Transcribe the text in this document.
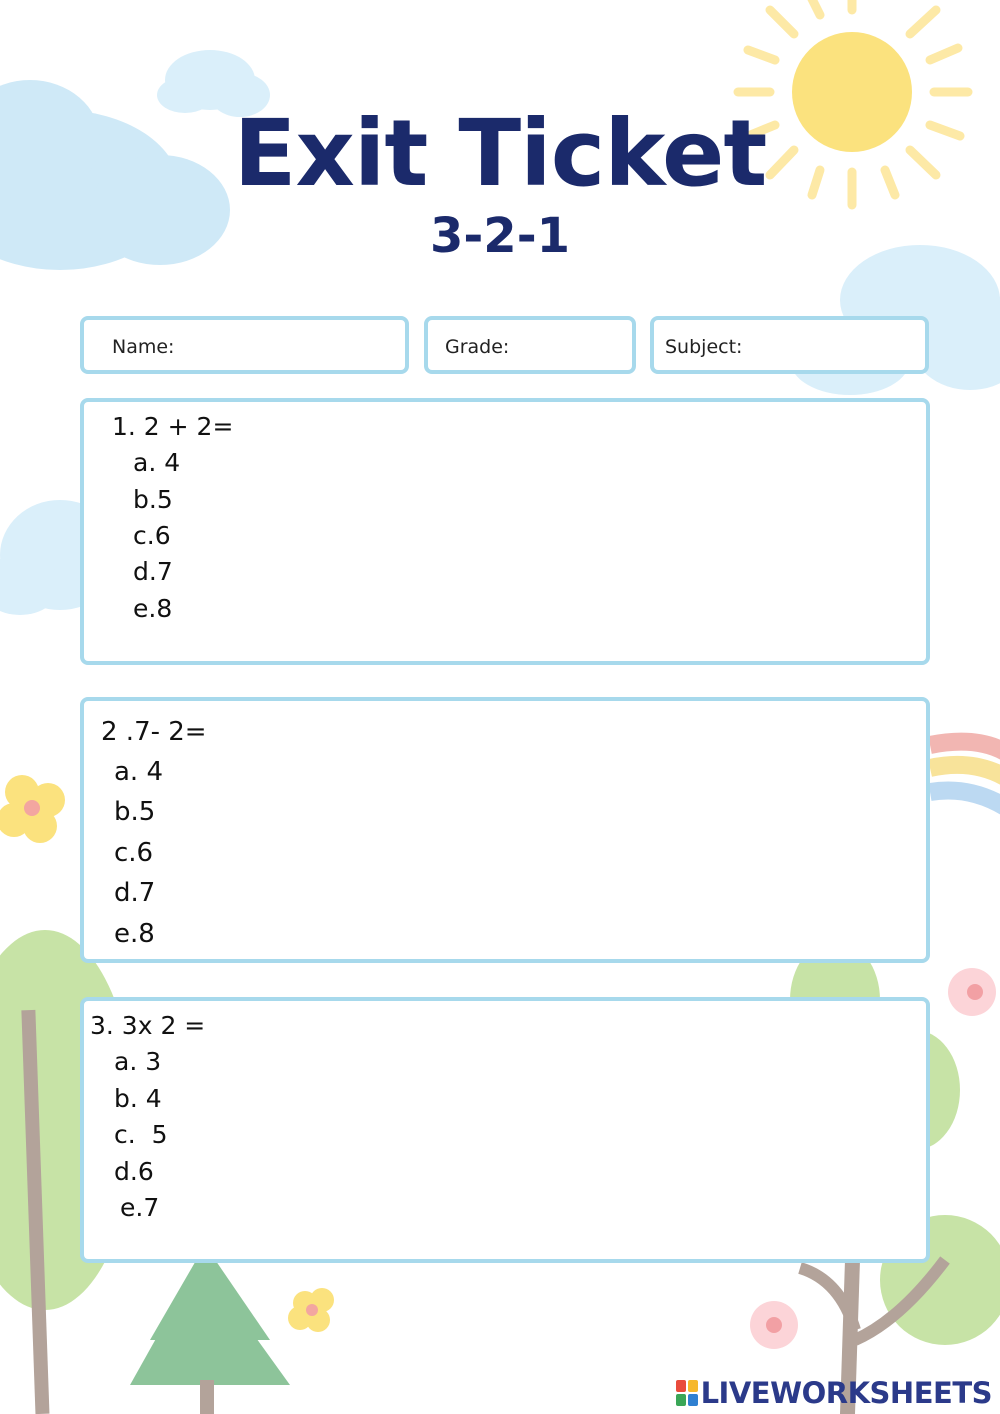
Exit Ticket
3-2-1
Name:	Grade:	Subject:
1. 2 + 2=
a. 4
b.5
c.6
d.7
e.8
2 .7- 2=
a. 4
b.5
c.6
d.7
e.8
3. 3x 2 =
a. 3
b. 4
c.  5
d.6
e.7
LIVEWORKSHEETS
